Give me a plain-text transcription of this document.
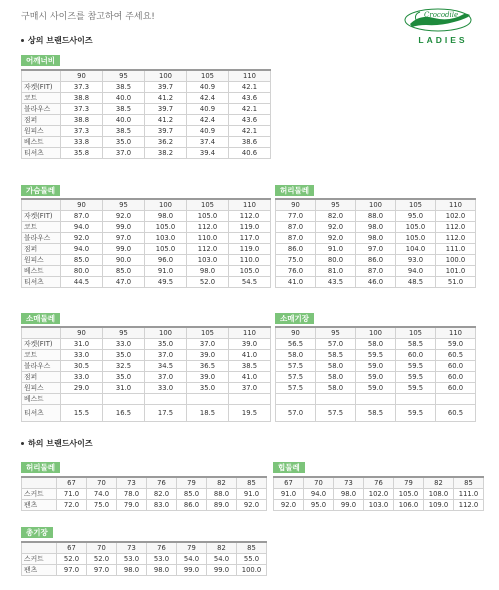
구매시 사이즈를 참고하여 주세요!	Crocodile
LADIES
상의 브랜드사이즈
어깨너비
	90	95	100	105	110
자켓(FIT)	37.3	38.5	39.7	40.9	42.1
코트	38.8	40.0	41.2	42.4	43.6
블라우스	37.3	38.5	39.7	40.9	42.1
점퍼	38.8	40.0	41.2	42.4	43.6
원피스	37.3	38.5	39.7	40.9	42.1
베스트	33.8	35.0	36.2	37.4	38.6
티셔츠	35.8	37.0	38.2	39.4	40.6
가슴둘레
	90	95	100	105	110
자켓(FIT)	87.0	92.0	98.0	105.0	112.0
코트	94.0	99.0	105.0	112.0	119.0
블라우스	92.0	97.0	103.0	110.0	117.0
점퍼	94.0	99.0	105.0	112.0	119.0
원피스	85.0	90.0	96.0	103.0	110.0
베스트	80.0	85.0	91.0	98.0	105.0
티셔츠	44.5	47.0	49.5	52.0	54.5
허리둘레
90	95	100	105	110
77.0	82.0	88.0	95.0	102.0
87.0	92.0	98.0	105.0	112.0
87.0	92.0	98.0	105.0	112.0
86.0	91.0	97.0	104.0	111.0
75.0	80.0	86.0	93.0	100.0
76.0	81.0	87.0	94.0	101.0
41.0	43.5	46.0	48.5	51.0
소매둘레
	90	95	100	105	110
자켓(FIT)	31.0	33.0	35.0	37.0	39.0
코트	33.0	35.0	37.0	39.0	41.0
블라우스	30.5	32.5	34.5	36.5	38.5
점퍼	33.0	35.0	37.0	39.0	41.0
원피스	29.0	31.0	33.0	35.0	37.0
베스트					
티셔츠	15.5	16.5	17.5	18.5	19.5
소매기장
90	95	100	105	110
56.5	57.0	58.0	58.5	59.0
58.0	58.5	59.5	60.0	60.5
57.5	58.0	59.0	59.5	60.0
57.5	58.0	59.0	59.5	60.0
57.5	58.0	59.0	59.5	60.0

57.0	57.5	58.5	59.5	60.5
하의 브랜드사이즈
허리둘레
	67	70	73	76	79	82	85
스커트	71.0	74.0	78.0	82.0	85.0	88.0	91.0
팬츠	72.0	75.0	79.0	83.0	86.0	89.0	92.0
힙둘레
67	70	73	76	79	82	85
91.0	94.0	98.0	102.0	105.0	108.0	111.0
92.0	95.0	99.0	103.0	106.0	109.0	112.0
총기장
	67	70	73	76	79	82	85
스커트	52.0	52.0	53.0	53.0	54.0	54.0	55.0
팬츠	97.0	97.0	98.0	98.0	99.0	99.0	100.0
